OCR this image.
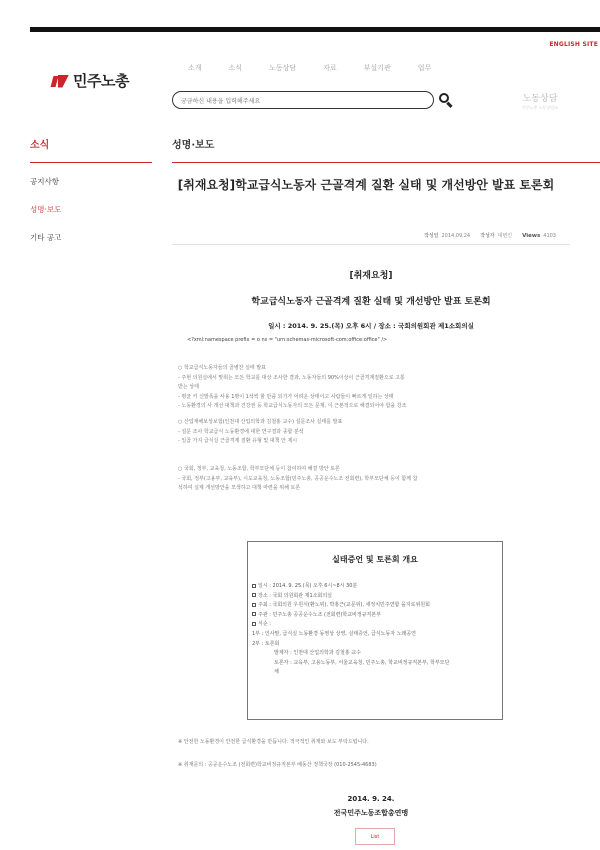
ENGLISH SITE
민주노총
소개	소식	노동상담	자료	부설기관	업무
궁금하신 내용을 입력해주세요	노동상담
민주노총 노동상담소
소식
공지사항
성명·보도
기타 공고
성명·보도
[취재요청]학교급식노동자 근골격계 질환 실태 및 개선방안 발표 토론회
작성일 2014.09.24 작성자 대변인 Views 4103
[취재요청]
학교급식노동자 근골격계 질환 실태 및 개선방안 발표 토론회
일시 : 2014. 9. 25.(목) 오후 6시 / 장소 : 국회의원회관 제1소회의실
<?xml:namespace prefix = o ns = "urn:schemas-microsoft-com:office:office" />
○ 학교급식노동자들의 골병찬 실태 발표
- 주현 의원실에서 맞춰는 모든 학교를 대상 조사한 결과, 노동자들의 90%이상이 근골격계질환으로 고통
받는 상태
- 평균 키 신발폭을 사용 1명이 1석씩 할 만큼 되기가 어려운 상태이고 사람들이 빠르게 일하는 상태
- 노동환경의 사 개선 대책과 건강권 등 학교급식노동자의 모든 문제, 이 근본적으로 해결되어야 함을 강조
○ 산업재해보상보험(인천대 산업의학과 김철홍 교수) 설문조사 실태를 발표
- 설문 조사 학교급식 노동환경에 대한 연구결과 종합 분석
- 일곱 가지 급식실 근골격계 질환 유형 및 대책 안 제시
○ 국회, 정부, 교육청, 노동조합, 학부모단체 등이 참여하여 해결 방안 토론
- 국회, 정부(고용부, 교육부), 시도교육청, 노동조합(민주노총, 공공운수노조 전회련), 학부모단체 등이 함께 참
석하여 실제 개선방안을 모색하고 대책 마련을 위해 토론
실태증언 및 토론회 개요
일시 : 2014. 9. 25.(목) 오후 6시~8시 30분
장소 : 국회 의원회관 제1소회의실
주최 : 국회의원 우원식(환노위), 박홍근(교문위), 새정치민주연합 을지로위원회
주관 : 민주노총 공공운수노조 (전회련)학교비정규직본부
식순 :
1부 : 인사말, 급식실 노동환경 동영상 상영, 실태증언, 급식노동자 노래공연
2부 : 토론회
발제자 : 인천대 산업의학과 김철홍 교수
토론자 : 교육부, 고용노동부, 서울교육청, 민주노총, 학교비정규직본부, 학부모단
체
※ 안전한 노동환경이 안전한 급식환경을 만듭니다. 적극적인 취재와 보도 부탁드립니다.
※ 취재문의 : 공공운수노조 (전회련)학교비정규직본부 배동산 정책국장 (010-2545-4683)
2014. 9. 24.
전국민주노동조합총연맹
List
